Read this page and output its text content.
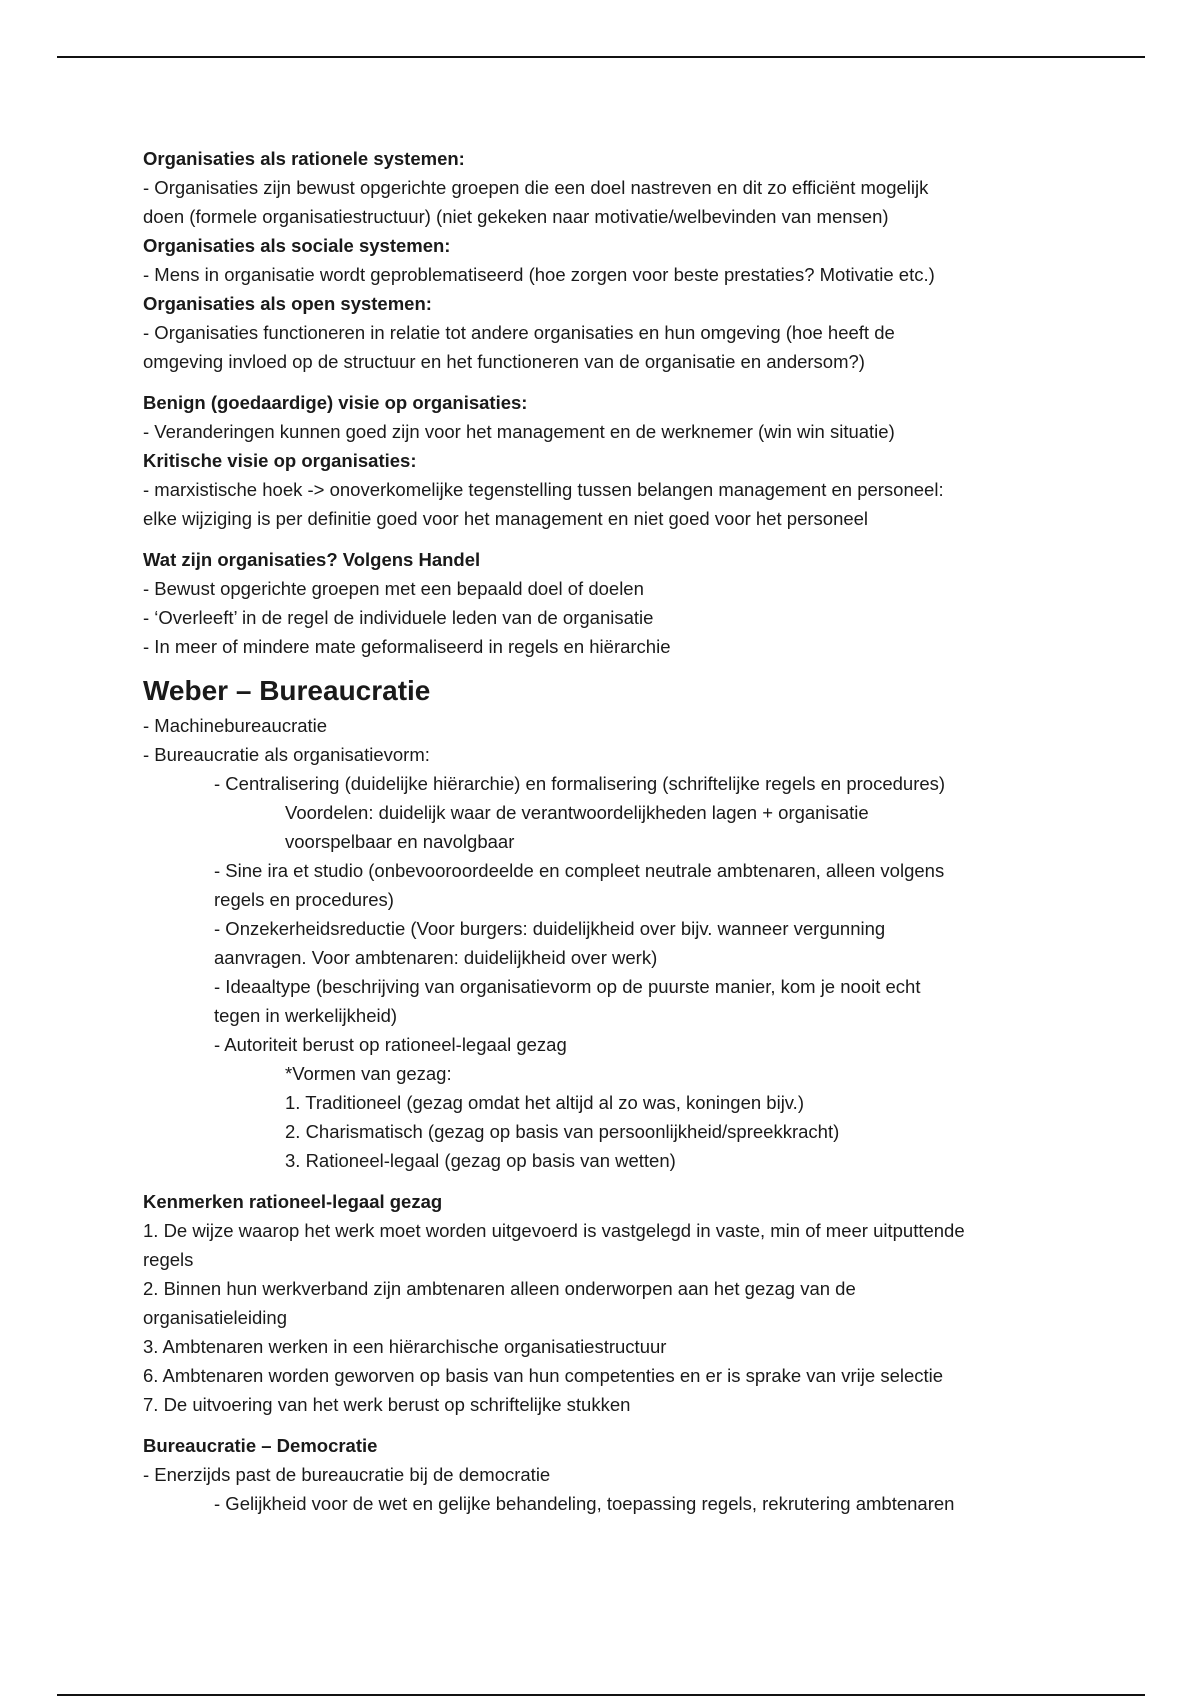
Organisaties als rationele systemen:

- Organisaties zijn bewust opgerichte groepen die een doel nastreven en dit zo efficiënt mogelijk

doen (formele organisatiestructuur) (niet gekeken naar motivatie/welbevinden van mensen)

Organisaties als sociale systemen:

- Mens in organisatie wordt geproblematiseerd (hoe zorgen voor beste prestaties? Motivatie etc.)

Organisaties als open systemen:

- Organisaties functioneren in relatie tot andere organisaties en hun omgeving (hoe heeft de

omgeving invloed op de structuur en het functioneren van de organisatie en andersom?)

Benign (goedaardige) visie op organisaties:

- Veranderingen kunnen goed zijn voor het management en de werknemer (win win situatie)

Kritische visie op organisaties:

- marxistische hoek -> onoverkomelijke tegenstelling tussen belangen management en personeel:

elke wijziging is per definitie goed voor het management en niet goed voor het personeel

Wat zijn organisaties? Volgens Handel

- Bewust opgerichte groepen met een bepaald doel of doelen

- ‘Overleeft’ in de regel de individuele leden van de organisatie

- In meer of mindere mate geformaliseerd in regels en hiërarchie

Weber – Bureaucratie

- Machinebureaucratie

- Bureaucratie als organisatievorm:

- Centralisering (duidelijke hiërarchie) en formalisering (schriftelijke regels en procedures)

Voordelen: duidelijk waar de verantwoordelijkheden lagen + organisatie

voorspelbaar en navolgbaar

- Sine ira et studio (onbevooroordeelde en compleet neutrale ambtenaren, alleen volgens

regels en procedures)

- Onzekerheidsreductie (Voor burgers: duidelijkheid over bijv. wanneer vergunning

aanvragen. Voor ambtenaren: duidelijkheid over werk)

- Ideaaltype (beschrijving van organisatievorm op de puurste manier, kom je nooit echt

tegen in werkelijkheid)

- Autoriteit berust op rationeel-legaal gezag

*Vormen van gezag:

1. Traditioneel (gezag omdat het altijd al zo was, koningen bijv.)

2. Charismatisch (gezag op basis van persoonlijkheid/spreekkracht)

3. Rationeel-legaal (gezag op basis van wetten)

Kenmerken rationeel-legaal gezag

1. De wijze waarop het werk moet worden uitgevoerd is vastgelegd in vaste, min of meer uitputtende

regels

2. Binnen hun werkverband zijn ambtenaren alleen onderworpen aan het gezag van de

organisatieleiding

3. Ambtenaren werken in een hiërarchische organisatiestructuur

6. Ambtenaren worden geworven op basis van hun competenties en er is sprake van vrije selectie

7. De uitvoering van het werk berust op schriftelijke stukken

Bureaucratie – Democratie

- Enerzijds past de bureaucratie bij de democratie

- Gelijkheid voor de wet en gelijke behandeling, toepassing regels, rekrutering ambtenaren
